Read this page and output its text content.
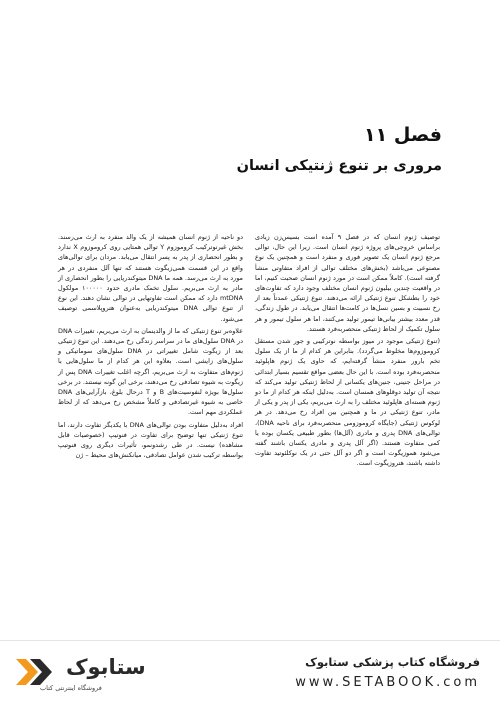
فصل ۱۱
مروری بر تنوع ژنتیکی انسان

توصیف ژنوم انسان که در فصل ۹ آمده است بسیس‌زن زیادی براساس خروجی‌های پروژه ژنوم انسان است. زیرا این حال، توالی مرجع ژنوم انسان یک تصویر فوری و منفرد است و همچنین یک نوع مصنوعی می‌باشد (بخش‌های مختلف توالی از افراد متفاوتی منشأ گرفته است). کاملاً ممکن است در مورد ژنوم انسان صحبت کنیم، اما در واقعیت چندین بیلیون ژنوم انسان مختلف وجود دارد که تفاوت‌های خود را بطشکل تنوع ژنتیکی ارائه می‌دهند. تنوع ژنتیکی عمدتاً بعد از رخ نسبیت و بسین نسل‌ها در کامت‌ها انتقال می‌یابد. در طول زندگی، قدر معدد بیشتر بیانی‌ها تیمور تولید می‌کنند، اما هر سلول تیمور و هر سلول تکمیک از لحاظ ژنتیکی منحصر‌به‌فرد هستند.

(تنوع ژنتیکی موجود در میوز بواسطه نوترکیبی و جور شدن مستقل کروموزوم‌ها مخلوط می‌گردد). بنابراین هر کدام از ما از یک سلول تخم بارور منفرد منشأ گرفته‌ایم، که حاوی یک ژنوم هاپلوئید منحصر‌به‌فرد بوده است. با این حال بعضی مواقع تقسیم بسیار ابتدائی در مراحل جنینی، جنین‌های یکسانی از لحاظ ژنتیکی تولید می‌کند که نتیجه آن تولید دوقلوهای همسان است. به‌دلیل اینکه هر کدام از ما دو ژنوم هسته‌ای هاپلوئید مختلف را به ارث می‌بریم، یکی از پدر و یکی از مادر، تنوع ژنتیکی در ما و همچنین بین افراد رخ می‌دهد. در هر لوکوس ژنتیکی (جایگاه کروموزومی منحصر‌به‌فرد برای ناحیه DNA)، توالی‌های DNA پدری و مادری (آلل‌ها) بطور طبیعی یکسان بوده یا کمی متفاوت هستند. (اگر آلل پدری و مادری یکسان باشند گفته می‌شود هموزیگوت است و اگر دو آلل حتی در یک نوکلئوتید تفاوت داشته باشند، هتروزیگوت است.

دو ناحیه از ژنوم انسان همیشه از یک والد منفرد به ارث می‌رسند. بخش غیرنوترکیب کروموزوم Y توالی همتایی روی کروموزوم X ندارد و بطور انحصاری از پدر به پسر انتقال می‌یابد. مردان برای توالی‌های واقع در این قسمت همی‌زیگوت هستند که تنها آلل منفردی در هر مورد به ارث می‌رسد. همه ما DNA میتوکندریایی را بطور انحصاری از مادر به ارث می‌بریم. سلول تخمک مادری حدود ۱۰۰۰۰۰ مولکول mtDNA دارد که ممکن است تفاوتهایی در توالی نشان دهند. این نوع از تنوع توالی DNA میتوکندریایی به‌عنوان هتروپلاسمی توصیف می‌شود.

علاوه‌بر تنوع ژنتیکی که ما از والدینمان به ارث می‌بریم، تغییرات DNA در DNA سلول‌های ما در سراسر زندگی رخ می‌دهند. این تنوع ژنتیکی بعد از زیگوت شامل تغییراتی در DNA سلول‌های سوماتیکی و سلول‌های زایشی است. بعلاوه این هر کدام از ما سلول‌هایی با ژنوم‌های متفاوت به ارث می‌بریم، اگرچه اغلب تغییرات DNA پس از زیگوت به شیوه تصادفی رخ می‌دهند، برخی این گونه نیستند. در برخی سلول‌ها بویژه لنفوسیت‌های B و T درحال بلوغ، بازآرایی‌های DNA خاصی به شیوه غیرتصادفی و کاملاً مشخص رخ می‌دهد که از لحاظ عملکردی مهم است.

افراد به‌دلیل متفاوت بودن توالی‌های DNA با یکدیگر تفاوت دارند، اما تنوع ژنتیکی تنها توضیح برای تفاوت در فنوتیپ (خصوصیات قابل مشاهده) نیست. در طی رشدونمو، تأثیرات دیگری روی فنوتیپ بواسطه ترکیب شدن عوامل تصادفی، میانکنش‌های محیط – ژن

ستابوک
فروشگاه اینترنتی کتاب
فروشگاه کتاب پزشکی ستابوک
www.SETABOOK.com
